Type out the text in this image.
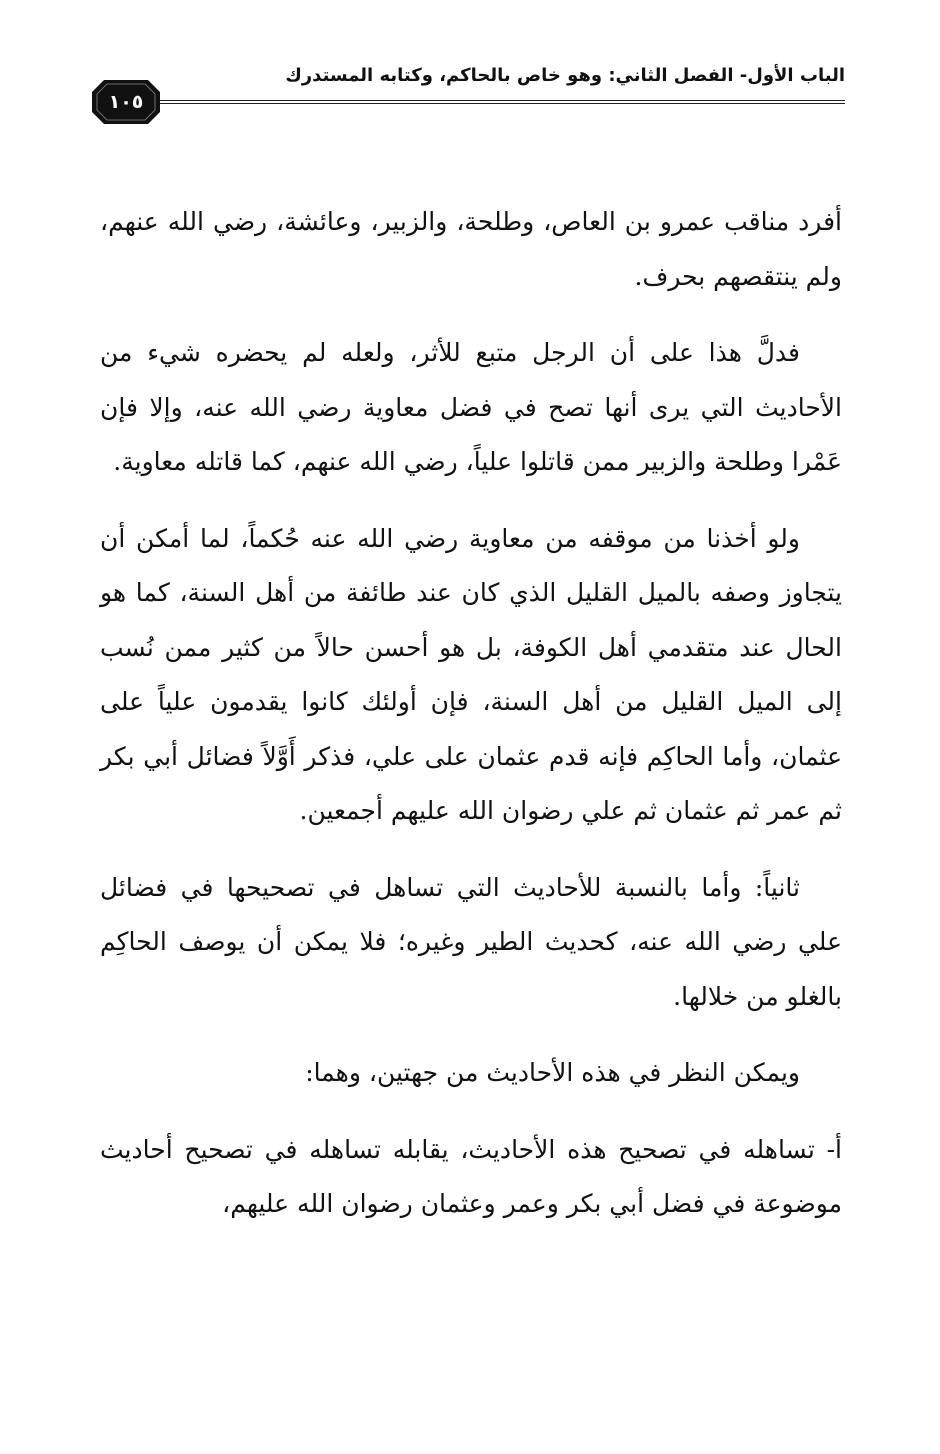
الباب الأول- الفصل الثاني: وهو خاص بالحاكم، وكتابه المستدرك
١٠٥

أفرد مناقب عمرو بن العاص، وطلحة، والزبير، وعائشة، رضي الله عنهم، ولم ينتقصهم بحرف.

فدلَّ هذا على أن الرجل متبع للأثر، ولعله لم يحضره شيء من الأحاديث التي يرى أنها تصح في فضل معاوية رضي الله عنه، وإلا فإن عَمْرا وطلحة والزبير ممن قاتلوا علياً، رضي الله عنهم، كما قاتله معاوية.

ولو أخذنا من موقفه من معاوية رضي الله عنه حُكماً، لما أمكن أن يتجاوز وصفه بالميل القليل الذي كان عند طائفة من أهل السنة، كما هو الحال عند متقدمي أهل الكوفة، بل هو أحسن حالاً من كثير ممن نُسب إلى الميل القليل من أهل السنة، فإن أولئك كانوا يقدمون علياً على عثمان، وأما الحاكِم فإنه قدم عثمان على علي، فذكر أَوَّلاً فضائل أبي بكر ثم عمر ثم عثمان ثم علي رضوان الله عليهم أجمعين.

ثانياً: وأما بالنسبة للأحاديث التي تساهل في تصحيحها في فضائل علي رضي الله عنه، كحديث الطير وغيره؛ فلا يمكن أن يوصف الحاكِم بالغلو من خلالها.

ويمكن النظر في هذه الأحاديث من جهتين، وهما:

أ- تساهله في تصحيح هذه الأحاديث، يقابله تساهله في تصحيح أحاديث موضوعة في فضل أبي بكر وعمر وعثمان رضوان الله عليهم،
